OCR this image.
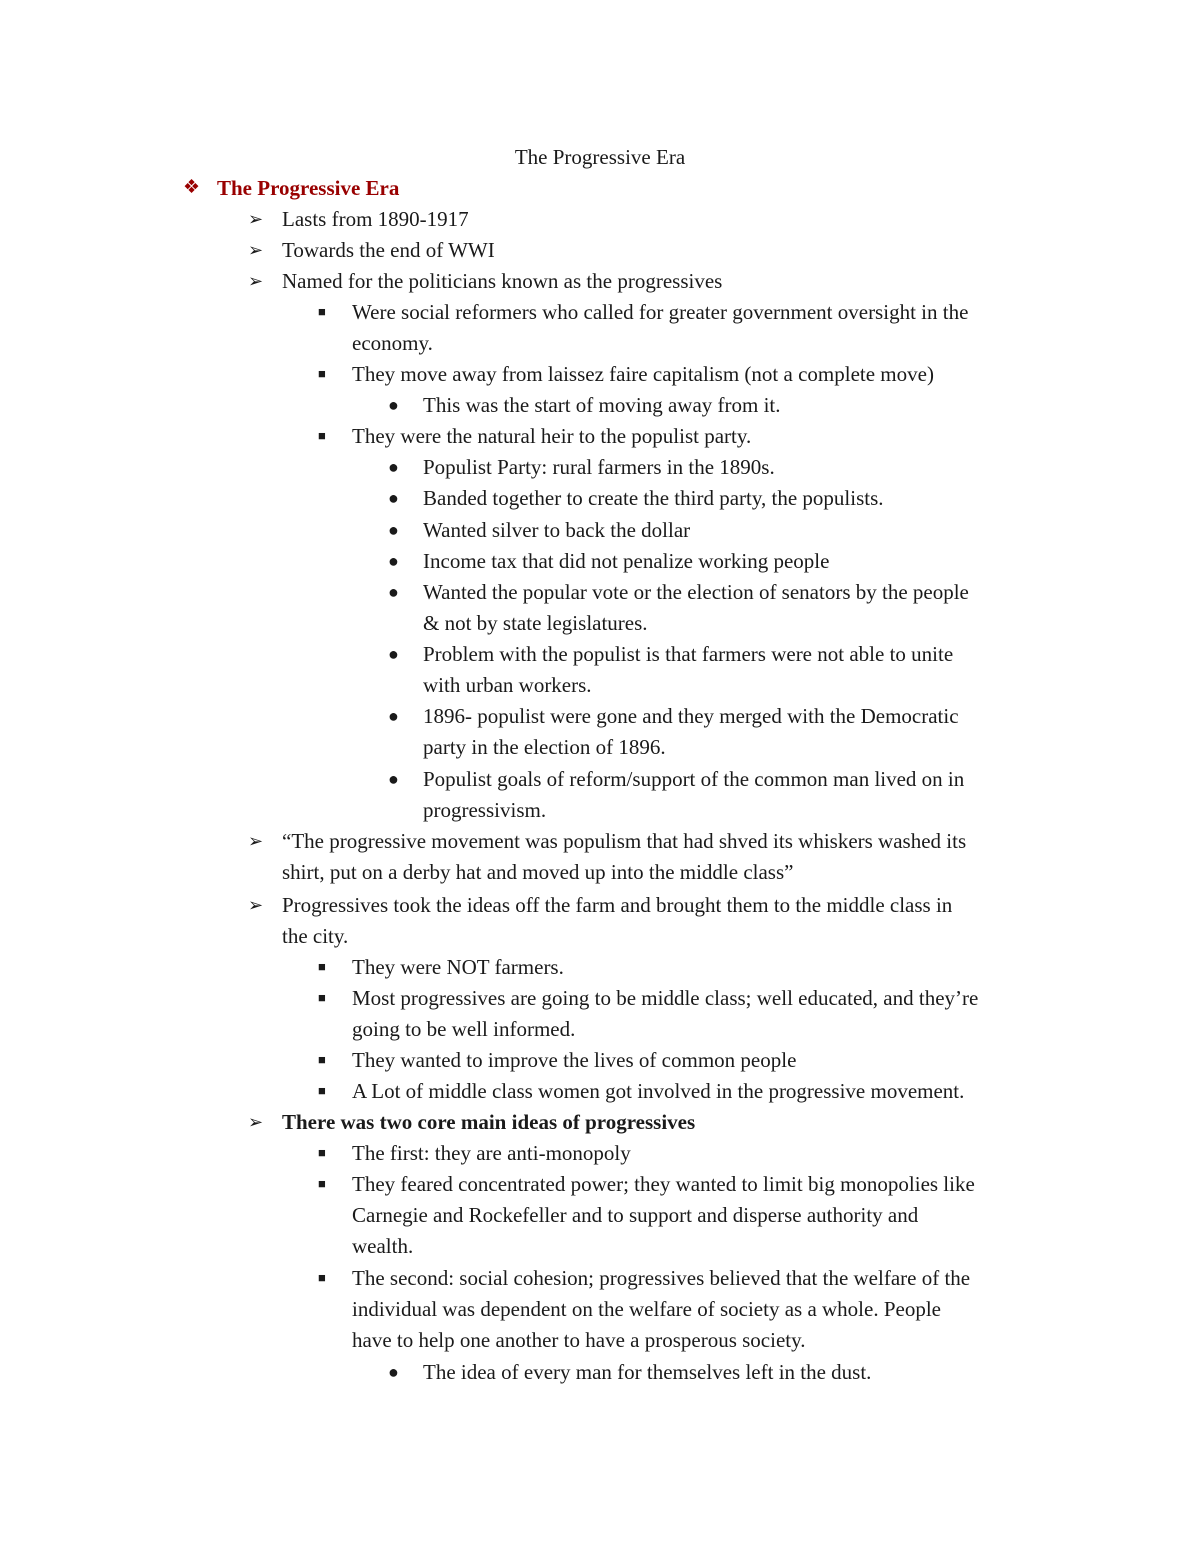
The Progressive Era
❖ The Progressive Era
➢ Lasts from 1890-1917
➢ Towards the end of WWI
➢ Named for the politicians known as the progressives
■ Were social reformers who called for greater government oversight in the
economy.
■ They move away from laissez faire capitalism (not a complete move)
● This was the start of moving away from it.
■ They were the natural heir to the populist party.
● Populist Party: rural farmers in the 1890s.
● Banded together to create the third party, the populists.
● Wanted silver to back the dollar
● Income tax that did not penalize working people
● Wanted the popular vote or the election of senators by the people
& not by state legislatures.
● Problem with the populist is that farmers were not able to unite
with urban workers.
● 1896- populist were gone and they merged with the Democratic
party in the election of 1896.
● Populist goals of reform/support of the common man lived on in
progressivism.
➢ “The progressive movement was populism that had shved its whiskers washed its
shirt, put on a derby hat and moved up into the middle class”
➢ Progressives took the ideas off the farm and brought them to the middle class in
the city.
■ They were NOT farmers.
■ Most progressives are going to be middle class; well educated, and they’re
going to be well informed.
■ They wanted to improve the lives of common people
■ A Lot of middle class women got involved in the progressive movement.
➢ There was two core main ideas of progressives
■ The first: they are anti-monopoly
■ They feared concentrated power; they wanted to limit big monopolies like
Carnegie and Rockefeller and to support and disperse authority and
wealth.
■ The second: social cohesion; progressives believed that the welfare of the
individual was dependent on the welfare of society as a whole. People
have to help one another to have a prosperous society.
● The idea of every man for themselves left in the dust.
